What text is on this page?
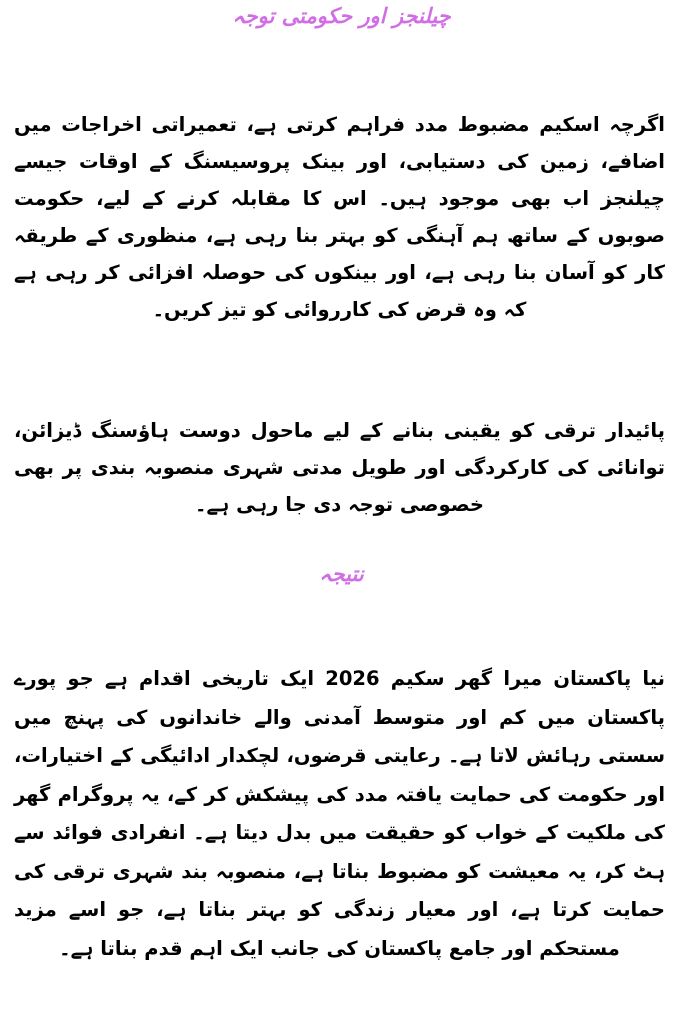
چیلنجز اور حکومتی توجہ

اگرچہ اسکیم مضبوط مدد فراہم کرتی ہے، تعمیراتی اخراجات میں اضافے، زمین کی دستیابی، اور بینک پروسیسنگ کے اوقات جیسے چیلنجز اب بھی موجود ہیں۔ اس کا مقابلہ کرنے کے لیے، حکومت صوبوں کے ساتھ ہم آہنگی کو بہتر بنا رہی ہے، منظوری کے طریقہ کار کو آسان بنا رہی ہے، اور بینکوں کی حوصلہ افزائی کر رہی ہے کہ وہ قرض کی کارروائی کو تیز کریں۔

پائیدار ترقی کو یقینی بنانے کے لیے ماحول دوست ہاؤسنگ ڈیزائن، توانائی کی کارکردگی اور طویل مدتی شہری منصوبہ بندی پر بھی خصوصی توجہ دی جا رہی ہے۔

نتیجہ

نیا پاکستان میرا گھر سکیم 2026 ایک تاریخی اقدام ہے جو پورے پاکستان میں کم اور متوسط آمدنی والے خاندانوں کی پہنچ میں سستی رہائش لاتا ہے۔ رعایتی قرضوں، لچکدار ادائیگی کے اختیارات، اور حکومت کی حمایت یافتہ مدد کی پیشکش کر کے، یہ پروگرام گھر کی ملکیت کے خواب کو حقیقت میں بدل دیتا ہے۔ انفرادی فوائد سے ہٹ کر، یہ معیشت کو مضبوط بناتا ہے، منصوبہ بند شہری ترقی کی حمایت کرتا ہے، اور معیار زندگی کو بہتر بناتا ہے، جو اسے مزید مستحکم اور جامع پاکستان کی جانب ایک اہم قدم بناتا ہے۔
